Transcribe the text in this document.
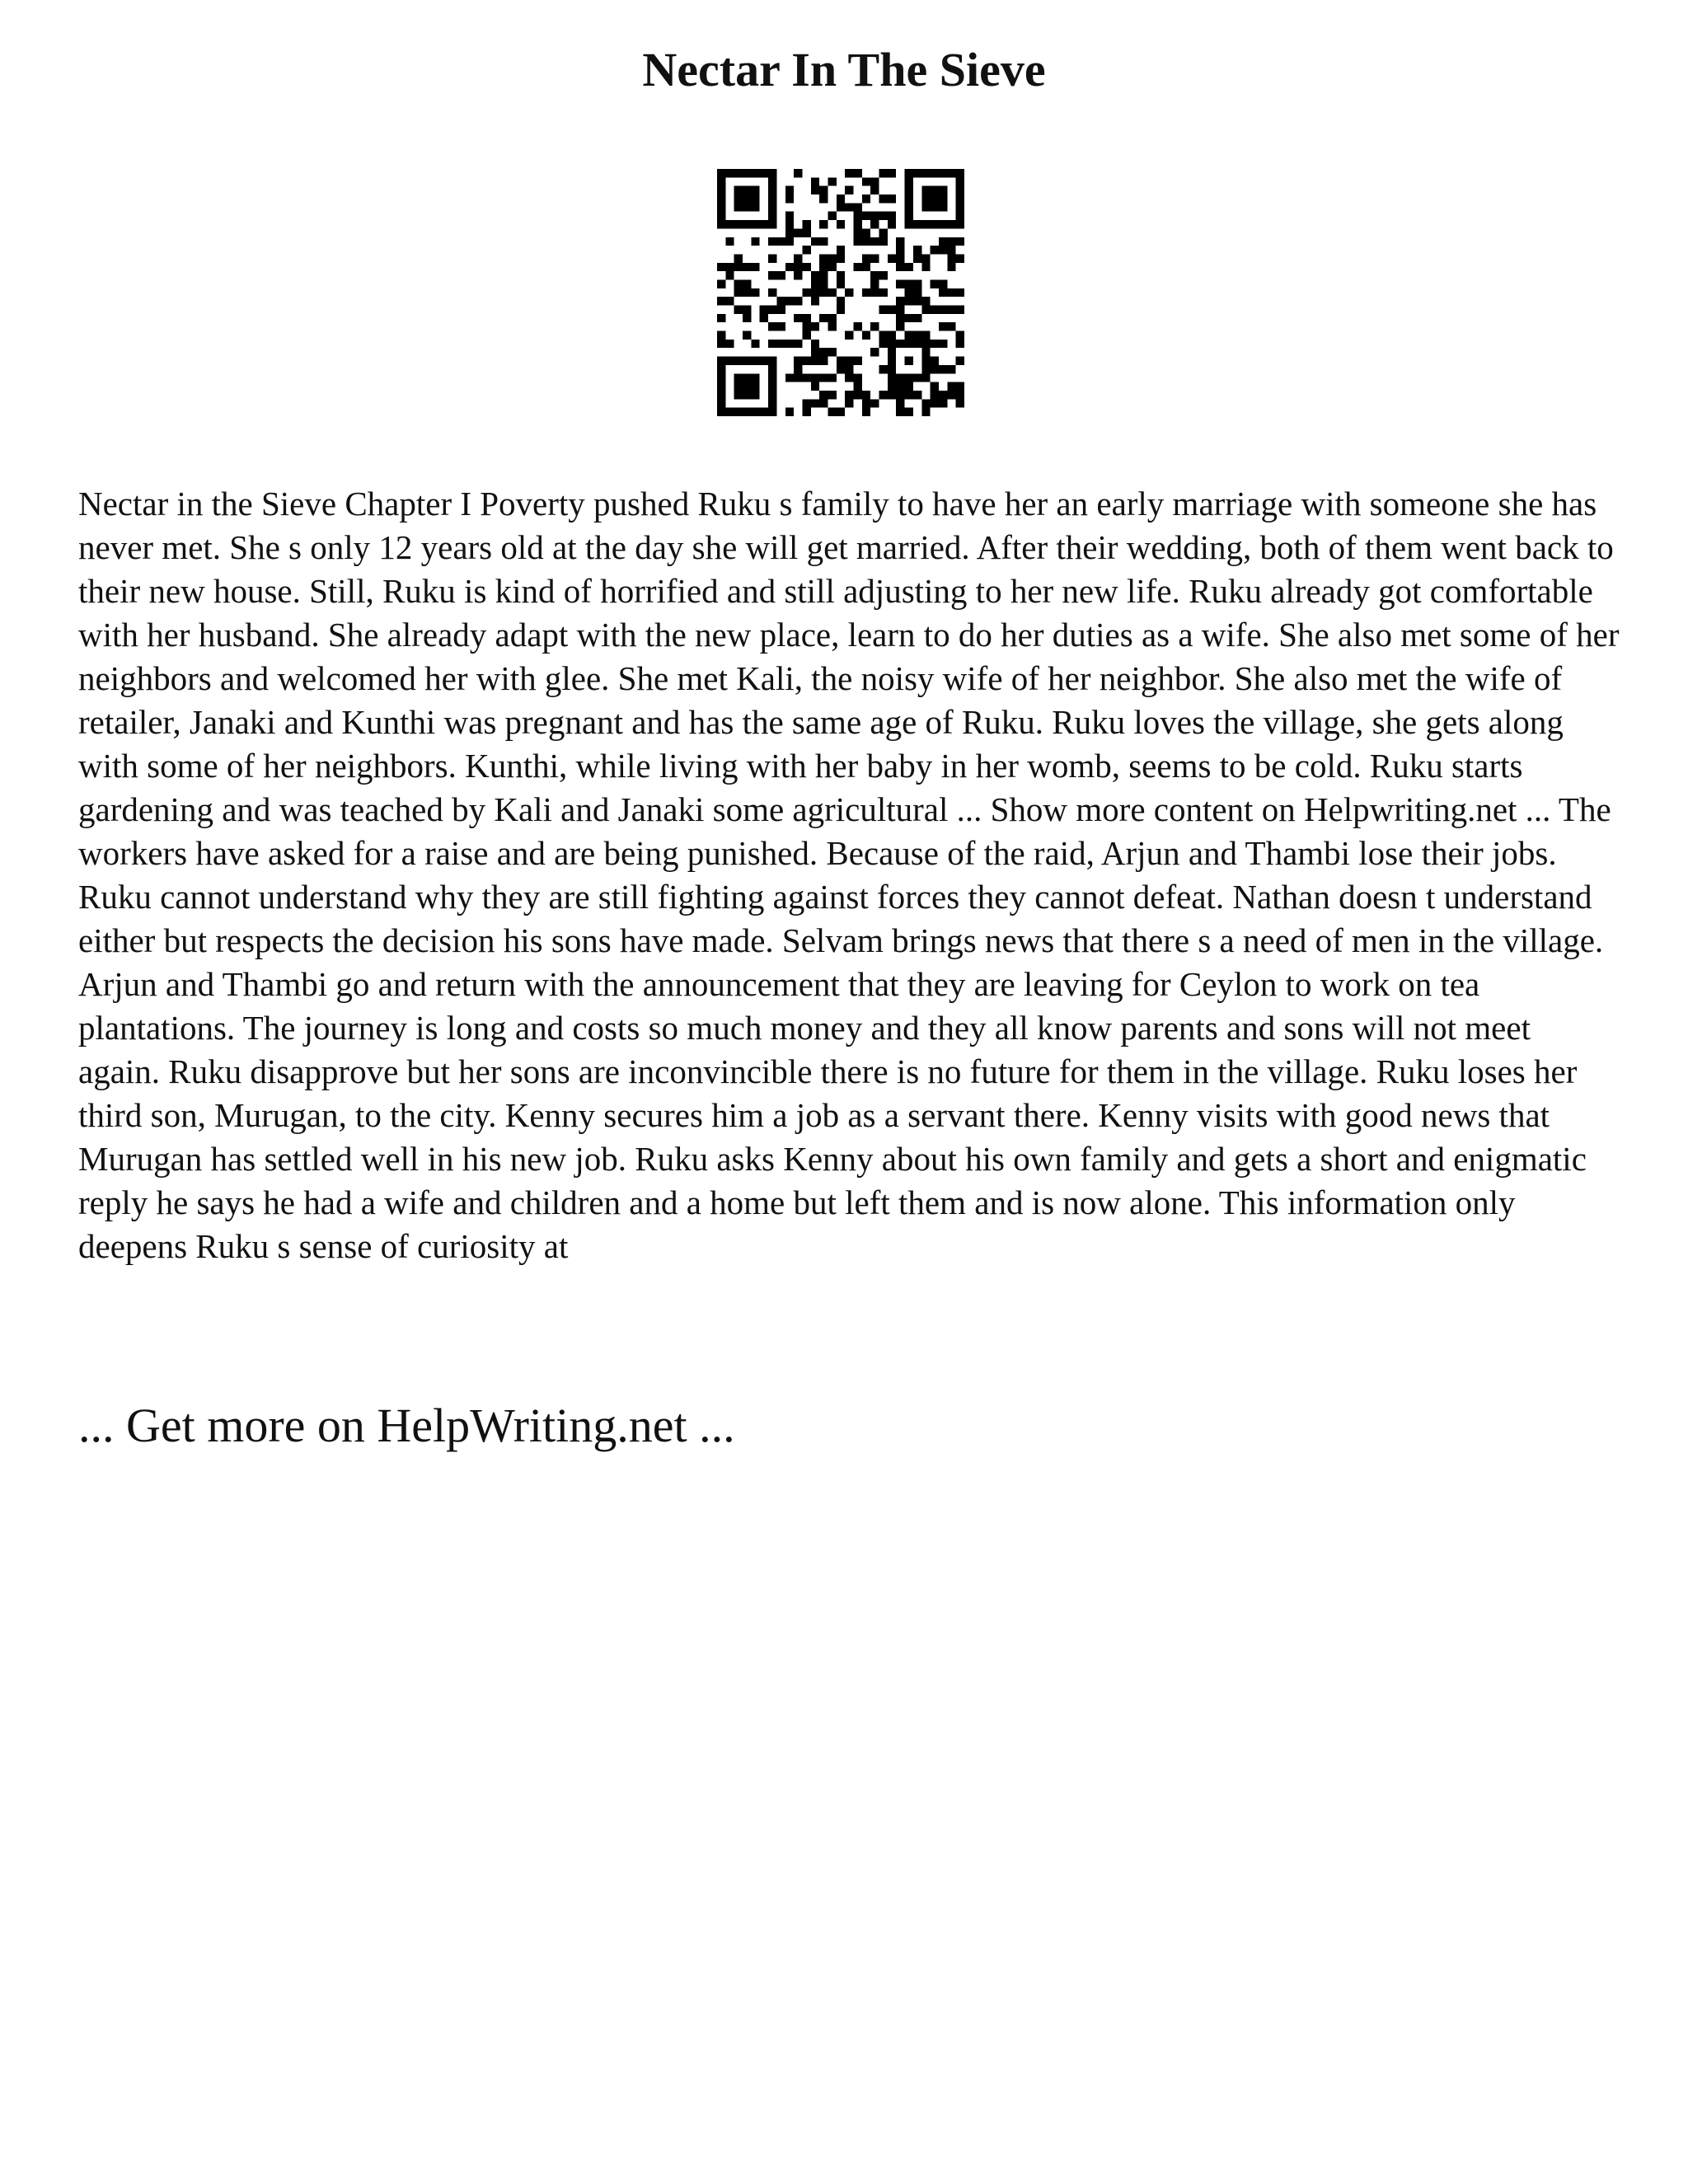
Nectar In The Sieve

Nectar in the Sieve Chapter I Poverty pushed Ruku s family to have her an early marriage with someone she has never met. She s only 12 years old at the day she will get married. After their wedding, both of them went back to their new house. Still, Ruku is kind of horrified and still adjusting to her new life. Ruku already got comfortable with her husband. She already adapt with the new place, learn to do her duties as a wife. She also met some of her neighbors and welcomed her with glee. She met Kali, the noisy wife of her neighbor. She also met the wife of retailer, Janaki and Kunthi was pregnant and has the same age of Ruku. Ruku loves the village, she gets along with some of her neighbors. Kunthi, while living with her baby in her womb, seems to be cold. Ruku starts gardening and was teached by Kali and Janaki some agricultural ... Show more content on Helpwriting.net ... The workers have asked for a raise and are being punished. Because of the raid, Arjun and Thambi lose their jobs. Ruku cannot understand why they are still fighting against forces they cannot defeat. Nathan doesn t understand either but respects the decision his sons have made. Selvam brings news that there s a need of men in the village. Arjun and Thambi go and return with the announcement that they are leaving for Ceylon to work on tea plantations. The journey is long and costs so much money and they all know parents and sons will not meet again. Ruku disapprove but her sons are inconvincible there is no future for them in the village. Ruku loses her third son, Murugan, to the city. Kenny secures him a job as a servant there. Kenny visits with good news that Murugan has settled well in his new job. Ruku asks Kenny about his own family and gets a short and enigmatic reply he says he had a wife and children and a home but left them and is now alone. This information only deepens Ruku s sense of curiosity at

... Get more on HelpWriting.net ...
